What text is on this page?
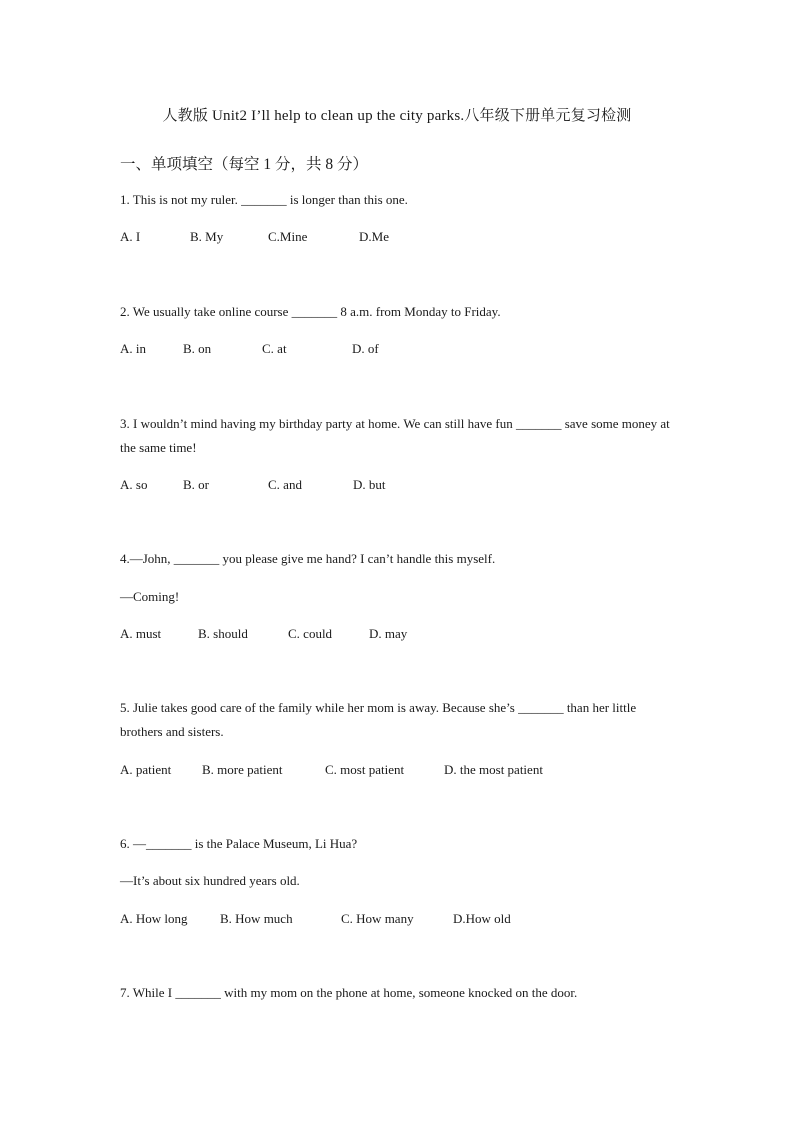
人教版 Unit2 I’ll help to clean up the city parks.八年级下册单元复习检测
一、单项填空（每空 1 分，共 8 分）
1. This is not my ruler. _______ is longer than this one.
A. I	B. My	C.Mine	D.Me
2. We usually take online course _______ 8 a.m. from Monday to Friday.
A. in	B. on	C. at	D. of
3. I wouldn’t mind having my birthday party at home. We can still have fun _______ save some money at the same time!
A. so	B. or	C. and	D. but
4.—John, _______ you please give me hand? I can’t handle this myself.
—Coming!
A. must	B. should	C. could	D. may
5. Julie takes good care of the family while her mom is away. Because she’s _______ than her little brothers and sisters.
A. patient B. more patient	C. most patient	D. the most patient
6. —_______ is the Palace Museum, Li Hua?
—It’s about six hundred years old.
A. How long B. How much	C. How many	D.How old
7. While I _______ with my mom on the phone at home, someone knocked on the door.
